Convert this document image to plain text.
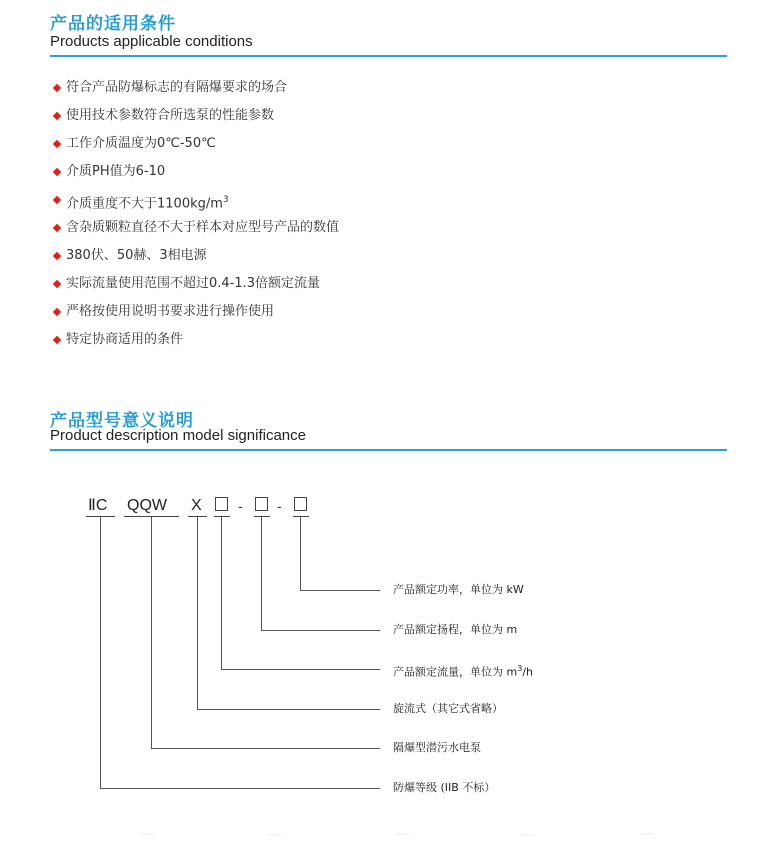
产品的适用条件
Products applicable conditions
符合产品防爆标志的有隔爆要求的场合
使用技术参数符合所选泵的性能参数
工作介质温度为0℃-50℃
介质PH值为6-10
介质重度不大于$1100kg/m^3$
含杂质颗粒直径不大于样本对应型号产品的数值
380伏、50赫、3相电源
实际流量使用范围不超过0.4-1.3倍额定流量
严格按使用说明书要求进行操作使用
特定协商适用的条件
产品型号意义说明
Product description model significance
ⅡC QQW X	- -
产品额定功率，单位为 kW
产品额定扬程，单位为 m
产品额定流量，单位为 $m^3/h$
旋流式（其它式省略）
隔爆型潜污水电泵
防爆等级 (IIB 不标）
